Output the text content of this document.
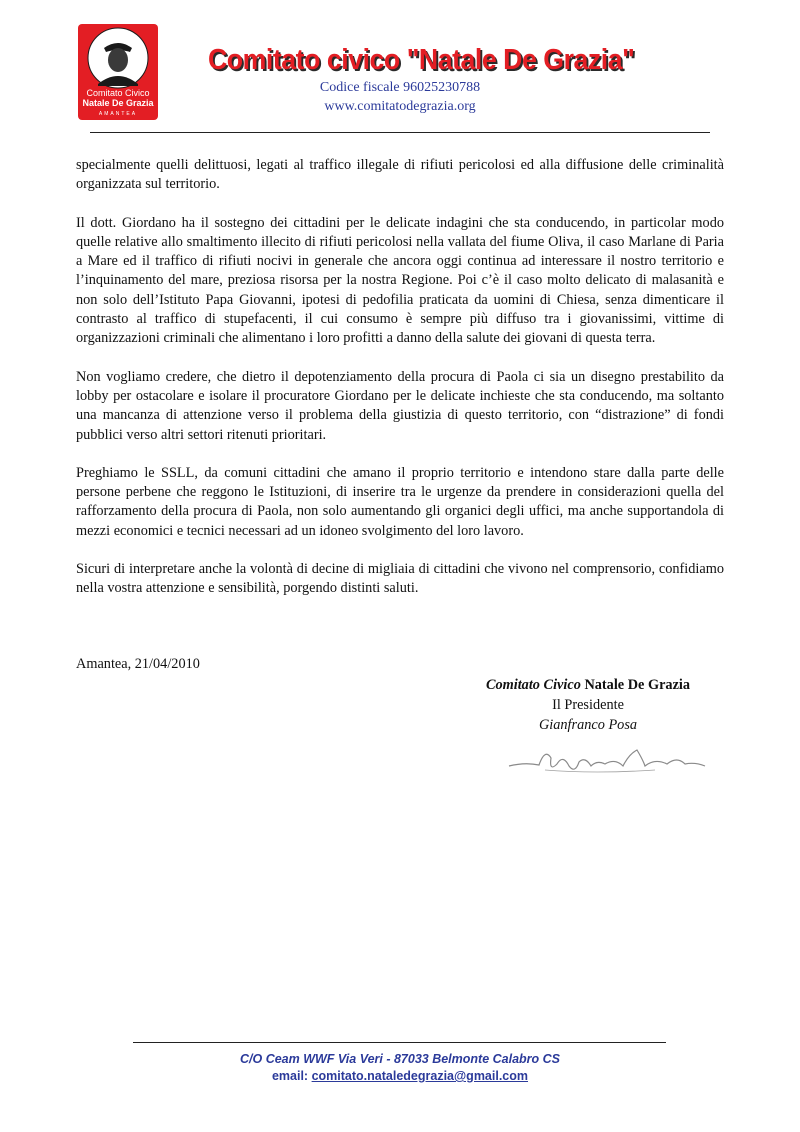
Comitato Civico
Natale De Grazia
AMANTEA
Comitato civico "Natale De Grazia"
Codice fiscale 96025230788
www.comitatodegrazia.org

specialmente quelli delittuosi, legati al traffico illegale di rifiuti pericolosi ed alla diffusione delle criminalità organizzata sul territorio.

Il dott. Giordano ha il sostegno dei cittadini per le delicate indagini che sta conducendo, in particolar modo quelle relative allo smaltimento illecito di rifiuti pericolosi nella vallata del fiume Oliva, il caso Marlane di Paria a Mare ed il traffico di rifiuti nocivi in generale che ancora oggi continua ad interessare il nostro territorio e l’inquinamento del mare, preziosa risorsa per la nostra Regione. Poi c’è il caso molto delicato di malasanità e non solo dell’Istituto Papa Giovanni, ipotesi di pedofilia praticata da uomini di Chiesa, senza dimenticare il contrasto al traffico di stupefacenti, il cui consumo è sempre più diffuso tra i giovanissimi, vittime di organizzazioni criminali che alimentano i loro profitti a danno della salute dei giovani di questa terra.

Non vogliamo credere, che dietro il depotenziamento della procura di Paola ci sia un disegno prestabilito da lobby per ostacolare e isolare il procuratore Giordano per le delicate inchieste che sta conducendo, ma soltanto una mancanza di attenzione verso il problema della giustizia di questo territorio, con “distrazione” di fondi pubblici verso altri settori ritenuti prioritari.

Preghiamo le SSLL, da comuni cittadini che amano il proprio territorio e intendono stare dalla parte delle persone perbene che reggono le Istituzioni, di inserire tra le urgenze da prendere in considerazioni quella del rafforzamento della procura di Paola, non solo aumentando gli organici degli uffici, ma anche supportandola di mezzi economici e tecnici necessari ad un idoneo svolgimento del loro lavoro.

Sicuri di interpretare anche la volontà di decine di migliaia di cittadini che vivono nel comprensorio, confidiamo nella vostra attenzione e sensibilità, porgendo distinti saluti.

Amantea, 21/04/2010
Comitato Civico Natale De Grazia
Il Presidente
Gianfranco Posa
C/O Ceam WWF Via Veri - 87033 Belmonte Calabro CS
email: comitato.nataledegrazia@gmail.com
